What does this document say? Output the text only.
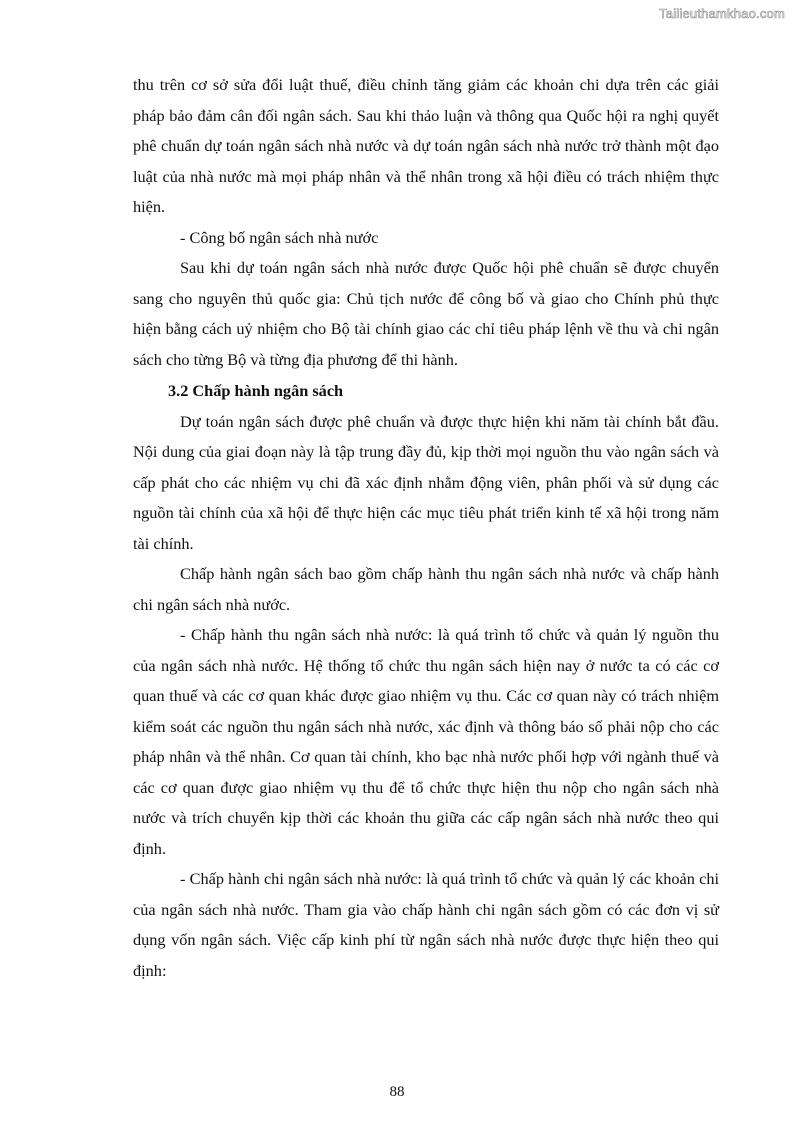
Tailieuthamkhao.com

thu trên cơ sở sửa đổi luật thuế, điều chỉnh tăng giảm các khoản chi dựa trên các giải pháp bảo đảm cân đối ngân sách. Sau khi thảo luận và thông qua Quốc hội ra nghị quyết phê chuẩn dự toán ngân sách nhà nước và dự toán ngân sách nhà nước trở thành một đạo luật của nhà nước mà mọi pháp nhân và thể nhân trong xã hội điều có trách nhiệm thực hiện.

- Công bố ngân sách nhà nước

Sau khi dự toán ngân sách nhà nước được Quốc hội phê chuẩn sẽ được chuyển sang cho nguyên thủ quốc gia: Chủ tịch nước để công bố và giao cho Chính phủ thực hiện bằng cách uỷ nhiệm cho Bộ tài chính giao các chỉ tiêu pháp lệnh về thu và chi ngân sách cho từng Bộ và từng địa phương để thi hành.

3.2 Chấp hành ngân sách

Dự toán ngân sách được phê chuẩn và được thực hiện khi năm tài chính bắt đầu. Nội dung của giai đoạn này là tập trung đầy đủ, kịp thời mọi nguồn thu vào ngân sách và cấp phát cho các nhiệm vụ chi đã xác định nhằm động viên, phân phối và sử dụng các nguồn tài chính của xã hội để thực hiện các mục tiêu phát triển kinh tế xã hội trong năm tài chính.

Chấp hành ngân sách bao gồm chấp hành thu ngân sách nhà nước và chấp hành chi ngân sách nhà nước.

- Chấp hành thu ngân sách nhà nước: là quá trình tổ chức và quản lý nguồn thu của ngân sách nhà nước. Hệ thống tổ chức thu ngân sách hiện nay ở nước ta có các cơ quan thuế và các cơ quan khác được giao nhiệm vụ thu. Các cơ quan này có trách nhiệm kiểm soát các nguồn thu ngân sách nhà nước, xác định và thông báo số phải nộp cho các pháp nhân và thể nhân. Cơ quan tài chính, kho bạc nhà nước phối hợp với ngành thuế và các cơ quan được giao nhiệm vụ thu để tổ chức thực hiện thu nộp cho ngân sách nhà nước và trích chuyển kịp thời các khoản thu giữa các cấp ngân sách nhà nước theo qui định.

- Chấp hành chi ngân sách nhà nước: là quá trình tổ chức và quản lý các khoản chi của ngân sách nhà nước. Tham gia vào chấp hành chi ngân sách gồm có các đơn vị sử dụng vốn ngân sách. Việc cấp kinh phí từ ngân sách nhà nước được thực hiện theo qui định:

88
